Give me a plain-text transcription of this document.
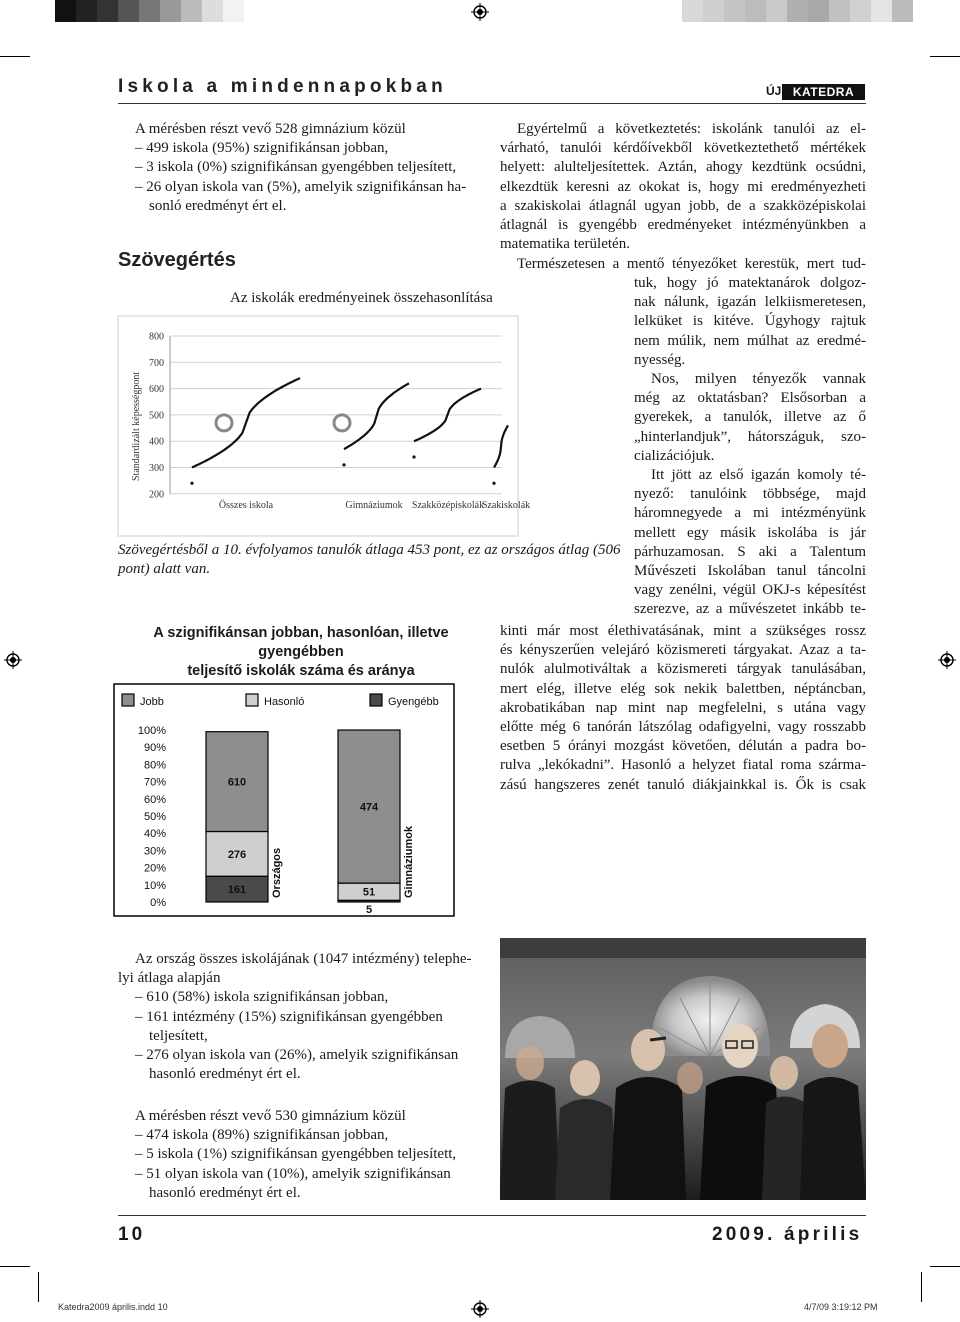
Iskola a mindennapokban	ÚJ KATEDRA
A mérésben részt vevő 528 gimnázium közül
– 499 iskola (95%) szignifikánsan jobban,
– 3 iskola (0%) szignifikánsan gyengébben teljesített,
– 26 olyan iskola van (5%), amelyik szignifikánsan ha-
sonló eredményt ért el.
Szövegértés
Az iskolák eredményeinek összehasonlítása
800
700
600
500
400
300
200
Standardizált képességpont
Összes iskola	Gimnáziumok Szakközépiskolák
Szakiskolák
Szövegértésből a 10. évfolyamos tanulók átlaga 453 pont, ez az országos átlag (506
pont) alatt van.
A szignifikánsan jobban, hasonlóan, illetve gyengébben
teljesítő iskolák száma és aránya
Jobb	Hasonló	Gyengébb
100%
90%
80%
70%
60%
50%
40%
30%
20%
10%
0%
161
276
610
Országos
5
51
474
Gimnáziumok
Az ország összes iskolájának (1047 intézmény) telephe-
lyi átlaga alapján
– 610 (58%) iskola szignifikánsan jobban,
– 161 intézmény (15%) szignifikánsan gyengébben
teljesített,
– 276 olyan iskola van (26%), amelyik szignifikánsan
hasonló eredményt ért el.
A mérésben részt vevő 530 gimnázium közül
– 474 iskola (89%) szignifikánsan jobban,
– 5 iskola (1%) szignifikánsan gyengébben teljesített,
– 51 olyan iskola van (10%), amelyik szignifikánsan
hasonló eredményt ért el.
Egyértelmű a következtetés: iskolánk tanulói az el-
várható, tanulói kérdőívekből következtethető mértékek
helyett: alulteljesítettek. Aztán, ahogy kezdtünk ocsúdni,
elkezdtük keresni az okokat is, hogy mi eredményezheti
a szakiskolai átlagnál ugyan jobb, de a szakközépiskolai
átlagnál is gyengébb eredményeket intézményünkben a
matematika területén.
Természetesen a mentő tényezőket kerestük, mert tud-
tuk, hogy jó matektanárok dolgoz-
nak nálunk, igazán lelkiismeretesen,
lelküket is kitéve. Úgyhogy rajtuk
nem múlik, nem múlhat az eredmé-
nyesség.
Nos, milyen tényezők vannak
még az oktatásban? Elsősorban a
gyerekek, a tanulók, illetve az ő
„hinterlandjuk”, hátországuk, szo-
cializációjuk.
Itt jött az első igazán komoly té-
nyező: tanulóink többsége, majd
háromnegyede a mi intézményünk
mellett egy másik iskolába is jár
párhuzamosan. S aki a Talentum
Művészeti Iskolában tanul táncolni
vagy zenélni, végül OKJ-s képesítést
szerezve, az a művészetet inkább te-
kinti már most élethivatásának, mint a szükséges rossz
és kényszerűen velejáró közismereti tárgyakat. Azaz a ta-
nulók alulmotiváltak a közismereti tárgyak tanulásában,
mert elég, illetve elég sok nekik balettben, néptáncban,
akrobatikában nap mint nap megfelelni, s utána vagy
előtte még 6 tanórán látszólag odafigyelni, vagy rosszabb
esetben 5 órányi mozgást követően, délután a padra bo-
rulva „lekókadni”. Hasonló a helyzet fiatal roma szárma-
zású hangszeres zenét tanuló diákjainkkal is. Ők is csak
10	2009. április
Katedra2009 április.indd 10	4/7/09 3:19:12 PM
